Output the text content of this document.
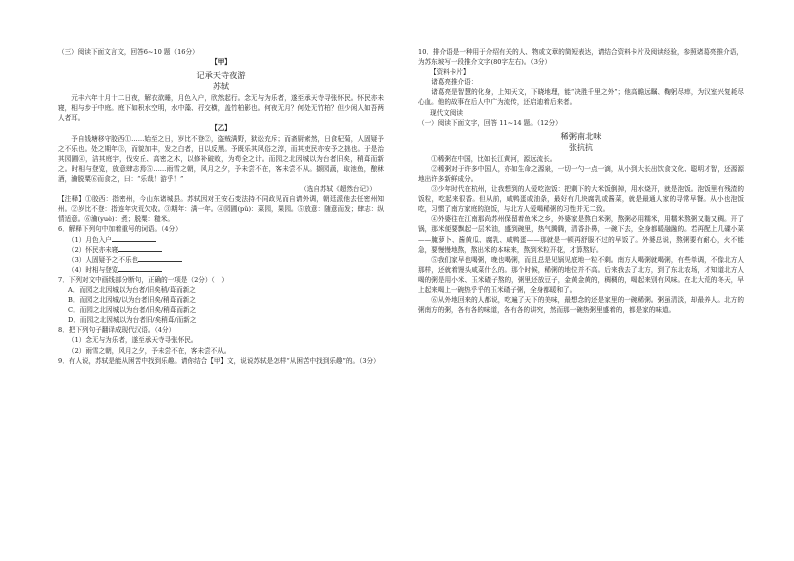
（三）阅读下面文言文，回答6~10 题（16分）

【甲】

记承天寺夜游

苏轼

元丰六年十月十二日夜，解衣欲睡，月色入户，欣然起行。念无与为乐者，遂至承天寺寻张怀民。怀民亦未寝，相与步于中庭。庭下如积水空明，水中藻、荇交横，盖竹柏影也。何夜无月？何处无竹柏？但少闲人如吾两人者耳。

【乙】

予自钱塘移守胶西①……始至之日，岁比不登②，盗贼满野，狱讼充斥；而斋厨索然，日食杞菊，人固疑予之不乐也。处之期年③，而貌加丰，发之白者，日以反黑。予既乐其风俗之淳，而其吏民亦安予之拙也。于是治其园圃④，洁其庭宇，伐安丘、高密之木，以修补破败，为苟全之计。而园之北因城以为台者旧矣，稍葺而新之。时相与登览，放意肆志焉⑤……雨雪之朝，风月之夕，予未尝不在，客未尝不从。撷园蔬，取池鱼，酿秫酒，瀹脱粟⑥而食之，曰：“乐哉！游乎！”

（选自苏轼《超然台记》）

【注释】①胶西：指密州，今山东诸城县。苏轼因对王安石变法持不同政见而自请外调，朝廷派他去任密州知州。②岁比不登：指连年灾荒欠收。③期年：满一年。④园圃(pǔ)：菜园，果园。⑤放意：随意而发；肆志：纵情适意。⑥瀹(yuè)：煮；脱粟：糙米。

6．解释下列句中加着重号的词语。（4分）

（1）月色入户

（2）怀民亦未寝

（3）人固疑予之不乐也

（4）时相与登览

7．下列对文中画线部分断句，正确的一项是（2分）（　）

A．而园之北因城以为台者/旧矣稍/葺而新之

B．而园之北因城/以为台者旧矣/稍葺而新之

C．而园之北因城以为台者/旧矣/稍葺而新之

D．而园之北因城以为台者旧/矣稍葺/而新之

8．把下列句子翻译成现代汉语。（4分）

（1）念无与为乐者，遂至承天寺寻张怀民。

（2）雨雪之朝，风月之夕，予未尝不在，客未尝不从。

9．有人说，苏轼是能从困苦中找到乐趣。请你结合【甲】文，说说苏轼是怎样“从困苦中找到乐趣”的。（3分）

10．排介语是一种用于介绍有关的人、物或文章的简短表达，请结合资料卡片及阅读经验，参照诸葛亮推介语，为苏东坡写一段推介文字(80字左右)。（3分）

【资料卡片】

诸葛亮推介语：

诸葛亮是智慧的化身，上知天文，下晓地理，能“决胜千里之外”；他高瞻远瞩、鞠躬尽瘁，为汉室兴复耗尽心血。他的故事在后人中广为流传，还启迪着后来者。

现代文阅读

（一）阅读下面文字，回答 11~14 题。（12分）

稀粥南北味

张抗抗

①稀粥在中国，比如长江黄河，源远流长。

②稀粥对于许多中国人，亦如生命之源泉，一切一勺一点一滴，从小到大长出饮食文化、聪明才智，还源源地出许多新鲜成分。

③少年时代在杭州，让我想到的人爱吃泡饭：把剩下的大米饭倒掉，用水烧开，就是泡饭。泡饭里有残渣的饭粒，吃起来很香。但从前，咸鸭蛋或油条，最好有几块腐乳或酱菜，就是最通人家的寻常早餐。从小也泡饭吃，习惯了南方家庭的泡饭，与北方人爱喝稀粥的习性并无二致。

④外婆往在江南那尚苏州保留着鱼米之乡，外婆家是熬白米粥，熬粥必用糯米，用糯米熬粥又黏又稠。开了锅，那米便要飘起一层米油，盛到碗里，热气腾腾，清香扑鼻，一碗下去，全身都暖融融的。若再配上几碟小菜——腌萝卜、酱黄瓜、腐乳、咸鸭蛋——那就是一顿再舒服不过的早饭了。外婆总说，熬粥要有耐心，火不能急，要慢慢地熬，熬出米的本味来，熬到米粒开花，才算熬好。

⑤我们家早也喝粥，晚也喝粥，而且总是见锅见底地一粒不剩。南方人喝粥就喝粥，有些单调，不像北方人那样，还就着馒头咸菜什么的。那个时候，稀粥的地位并不高。后来我去了北方，到了东北农场，才知道北方人喝的粥是用小米、玉米碴子熬的，粥里还放豆子，金黄金黄的，稠稠的，喝起来别有风味。在北大荒的冬天，早上起来喝上一碗热乎乎的玉米碴子粥，全身都暖和了。

⑥从外地回来的人都说，吃遍了天下的美味，最想念的还是家里的一碗稀粥。粥虽清淡，却最养人。北方的粥南方的粥，各有各的味道，各有各的讲究，然而那一碗热粥里盛着的，都是家的味道。
